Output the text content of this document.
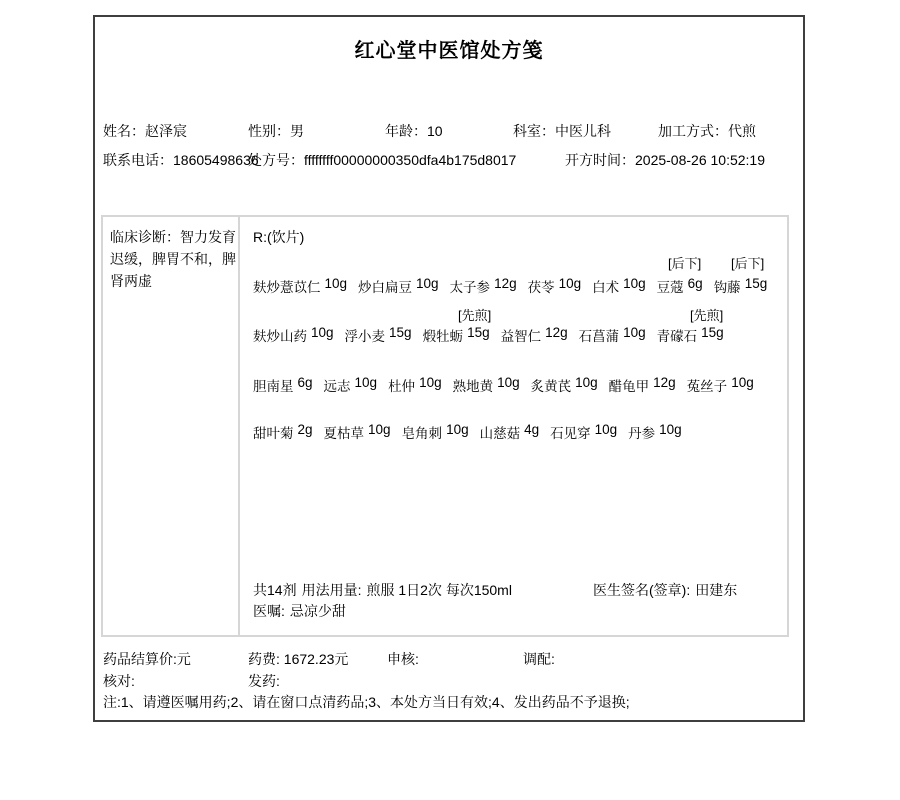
红心堂中医馆处方笺
姓名：赵泽宸	性别：男	年龄：10	科室：中医儿科	加工方式：代煎
联系电话：18605498636
处方号：ffffffff00000000350dfa4b175d8017	开方时间：2025-08-26 10:52:19
临床诊断：智力发育迟缓，脾胃不和，脾肾两虚
R:(饮片)
[后下] [后下]
麸炒薏苡仁 10g 炒白扁豆 10g 太子参 12g 茯苓 10g 白术 10g 豆蔻 6g 钩藤 15g
[先煎]	[先煎]
麸炒山药 10g 浮小麦 15g 煅牡蛎 15g 益智仁 12g 石菖蒲 10g 青礞石 15g
胆南星 6g 远志 10g 杜仲 10g 熟地黄 10g 炙黄芪 10g 醋龟甲 12g 菟丝子 10g
甜叶菊 2g 夏枯草 10g 皂角刺 10g 山慈菇 4g 石见穿 10g 丹参 10g
共14剂 用法用量: 煎服 1日2次 每次150ml	医生签名(签章): 田建东
医嘱: 忌凉少甜
药品结算价:元	药费: 1672.23元	申核:	调配:
核对:	发药:
注:1、请遵医嘱用药;2、请在窗口点清药品;3、本处方当日有效;4、发出药品不予退换;
